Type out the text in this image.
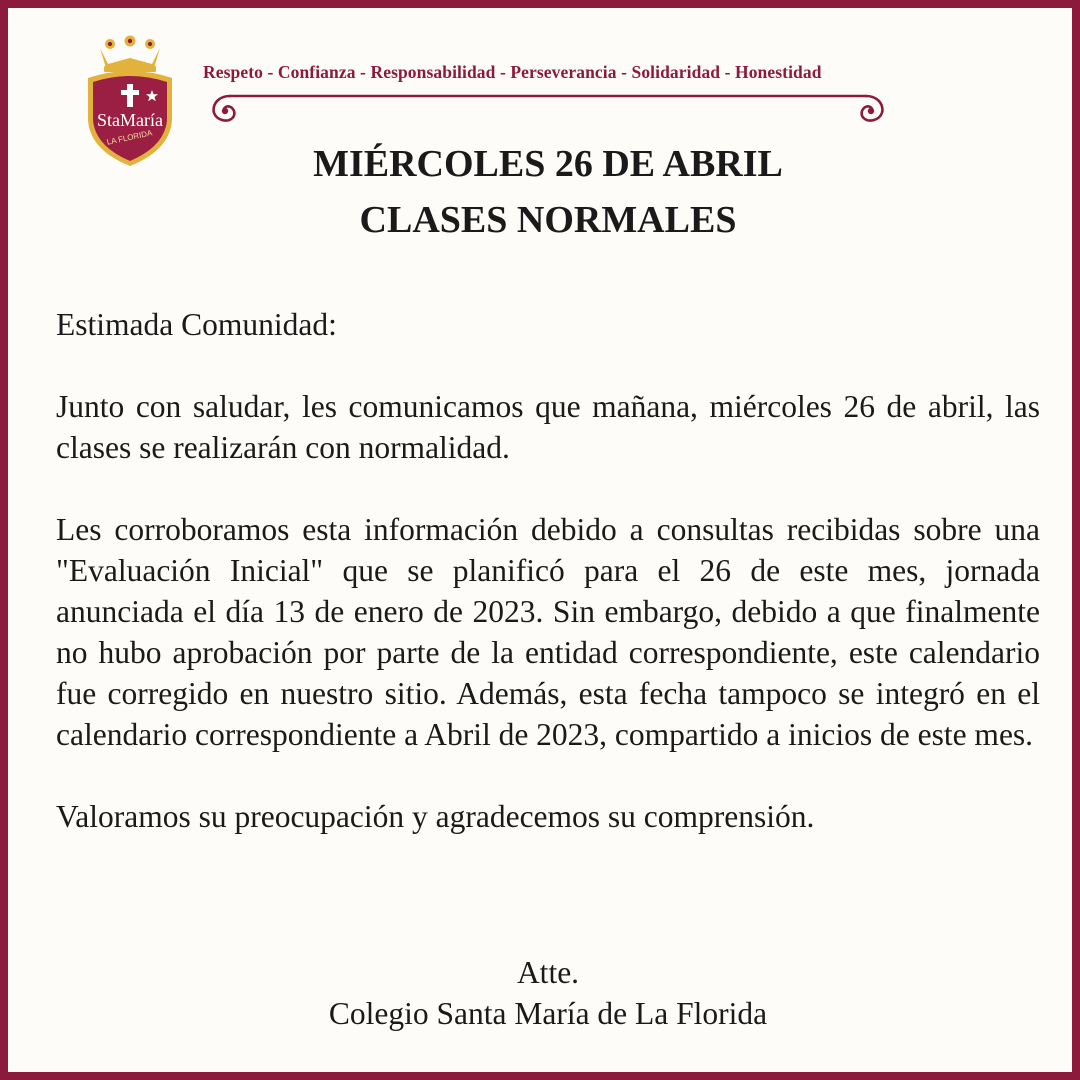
StaMaría
LA FLORIDA
Respeto - Confianza - Responsabilidad - Perseverancia - Solidaridad - Honestidad
MIÉRCOLES 26 DE ABRIL
CLASES NORMALES

Estimada Comunidad:

Junto con saludar, les comunicamos que mañana, miércoles 26 de abril, las clases se realizarán con normalidad.

Les corroboramos esta información debido a consultas recibidas sobre una "Evaluación Inicial" que se planificó para el 26 de este mes, jornada anunciada el día 13 de enero de 2023. Sin embargo, debido a que finalmente no hubo aprobación por parte de la entidad correspondiente, este calendario fue corregido en nuestro sitio. Además, esta fecha tampoco se integró en el calendario correspondiente a Abril de 2023, compartido a inicios de este mes.

Valoramos su preocupación y agradecemos su comprensión.

Atte.
Colegio Santa María de La Florida
